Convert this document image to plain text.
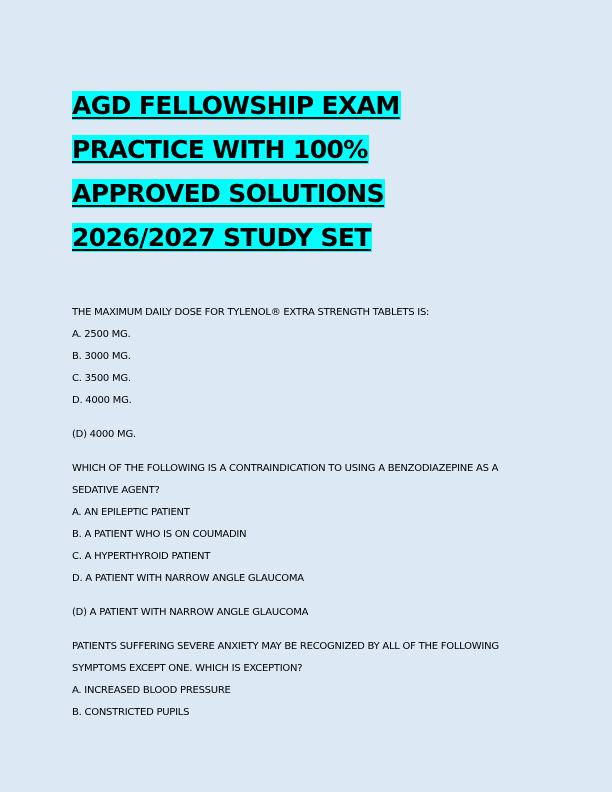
AGD FELLOWSHIP EXAM
PRACTICE WITH 100%
APPROVED SOLUTIONS
2026/2027 STUDY SET
THE MAXIMUM DAILY DOSE FOR TYLENOL® EXTRA STRENGTH TABLETS IS:
A. 2500 MG.
B. 3000 MG.
C. 3500 MG.
D. 4000 MG.
(D) 4000 MG.
WHICH OF THE FOLLOWING IS A CONTRAINDICATION TO USING A BENZODIAZEPINE AS A
SEDATIVE AGENT?
A. AN EPILEPTIC PATIENT
B. A PATIENT WHO IS ON COUMADIN
C. A HYPERTHYROID PATIENT
D. A PATIENT WITH NARROW ANGLE GLAUCOMA
(D) A PATIENT WITH NARROW ANGLE GLAUCOMA
PATIENTS SUFFERING SEVERE ANXIETY MAY BE RECOGNIZED BY ALL OF THE FOLLOWING
SYMPTOMS EXCEPT ONE. WHICH IS EXCEPTION?
A. INCREASED BLOOD PRESSURE
B. CONSTRICTED PUPILS
